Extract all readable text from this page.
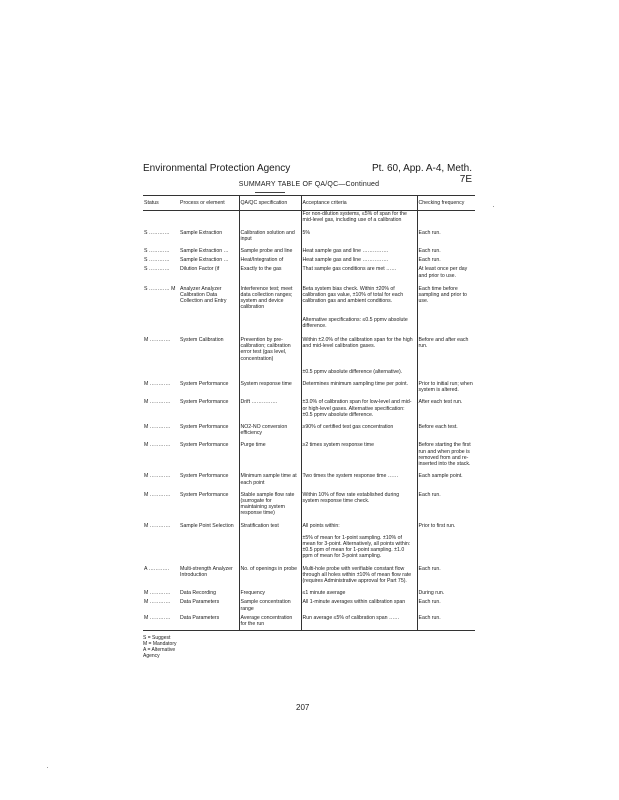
Environmental Protection Agency	Pt. 60, App. A-4, Meth. 7E
SUMMARY TABLE OF QA/QC—Continued
Status	Process or element	QA/QC specification	Acceptance criteria	Checking frequency
			For non-dilution systems, ≤5% of span for the mid-level gas, including use of a calibration	
S …………	Sample Extraction	Calibration solution and input	5%	Each run.
S …………	Sample Extraction …	Sample probe and line	Heat sample gas and line ……………	Each run.
S …………	Sample Extraction …	Heat/Integration of	Heat sample gas and line ……………	Each run.
S …………	Dilution Factor (if	Exactly to the gas	That sample gas conditions are met ……	At least once per day and prior to use.
S ………… M	Analyzer Analyzer Calibration Data Collection and Entry	Interference test; meet data collection ranges; system and device calibration	Beta system bias check. Within ±20% of calibration gas value, ±10% of total for each calibration gas and ambient conditions.	Each time before sampling and prior to use.
			Alternative specifications: ≤0.5 ppmv absolute difference.	
M …………	System Calibration	Prevention by pre-calibration; calibration error test (gas level, concentration)	Within ±2.0% of the calibration span for the high and mid-level calibration gases.	Before and after each run.
			±0.5 ppmv absolute difference (alternative).	
M …………	System Performance	System response time	Determines minimum sampling time per point.	Prior to initial run; when system is altered.
M …………	System Performance	Drift ……………	±3.0% of calibration span for low-level and mid- or high-level gases. Alternative specification: ±0.5 ppmv absolute difference.	After each test run.
M …………	System Performance	NO2-NO conversion efficiency	≥90% of certified test gas concentration	Before each test.
M …………	System Performance	Purge time	≥2 times system response time	Before starting the first run and when probe is removed from and re-inserted into the stack.
M …………	System Performance	Minimum sample time at each point	Two times the system response time ……	Each sample point.
M …………	System Performance	Stable sample flow rate (surrogate for maintaining system response time)	Within 10% of flow rate established during system response time check.	Each run.
M …………	Sample Point Selection	Stratification test	All points within:	Prior to first run.
			±5% of mean for 1-point sampling. ±10% of mean for 3-point. Alternatively, all points within: ±0.5 ppm of mean for 1-point sampling. ±1.0 ppm of mean for 3-point sampling.	
A …………	Multi-strength Analyzer Introduction	No. of openings in probe	Multi-hole probe with verifiable constant flow through all holes within ±10% of mean flow rate (requires Administrative approval for Part 75).	Each run.
M …………	Data Recording	Frequency	≤1 minute average	During run.
M …………	Data Parameters	Sample concentration range	All 1-minute averages within calibration span	Each run.
M …………	Data Parameters	Average concentration for the run	Run average ≤5% of calibration span ……	Each run.
S = Suggest
M = Mandatory
A = Alternative
Agency
207
